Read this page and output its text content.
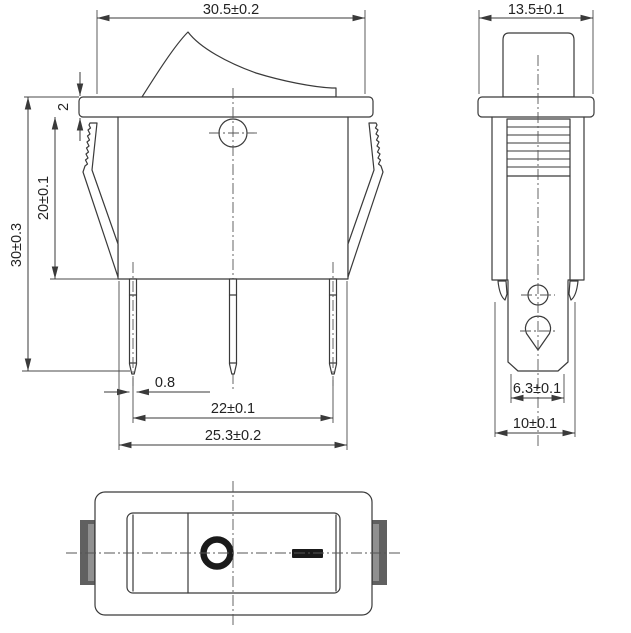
30.5±0.2
2
30±0.3
20±0.1
0.8
22±0.1
25.3±0.2
13.5±0.1
6.3±0.1
10±0.1
